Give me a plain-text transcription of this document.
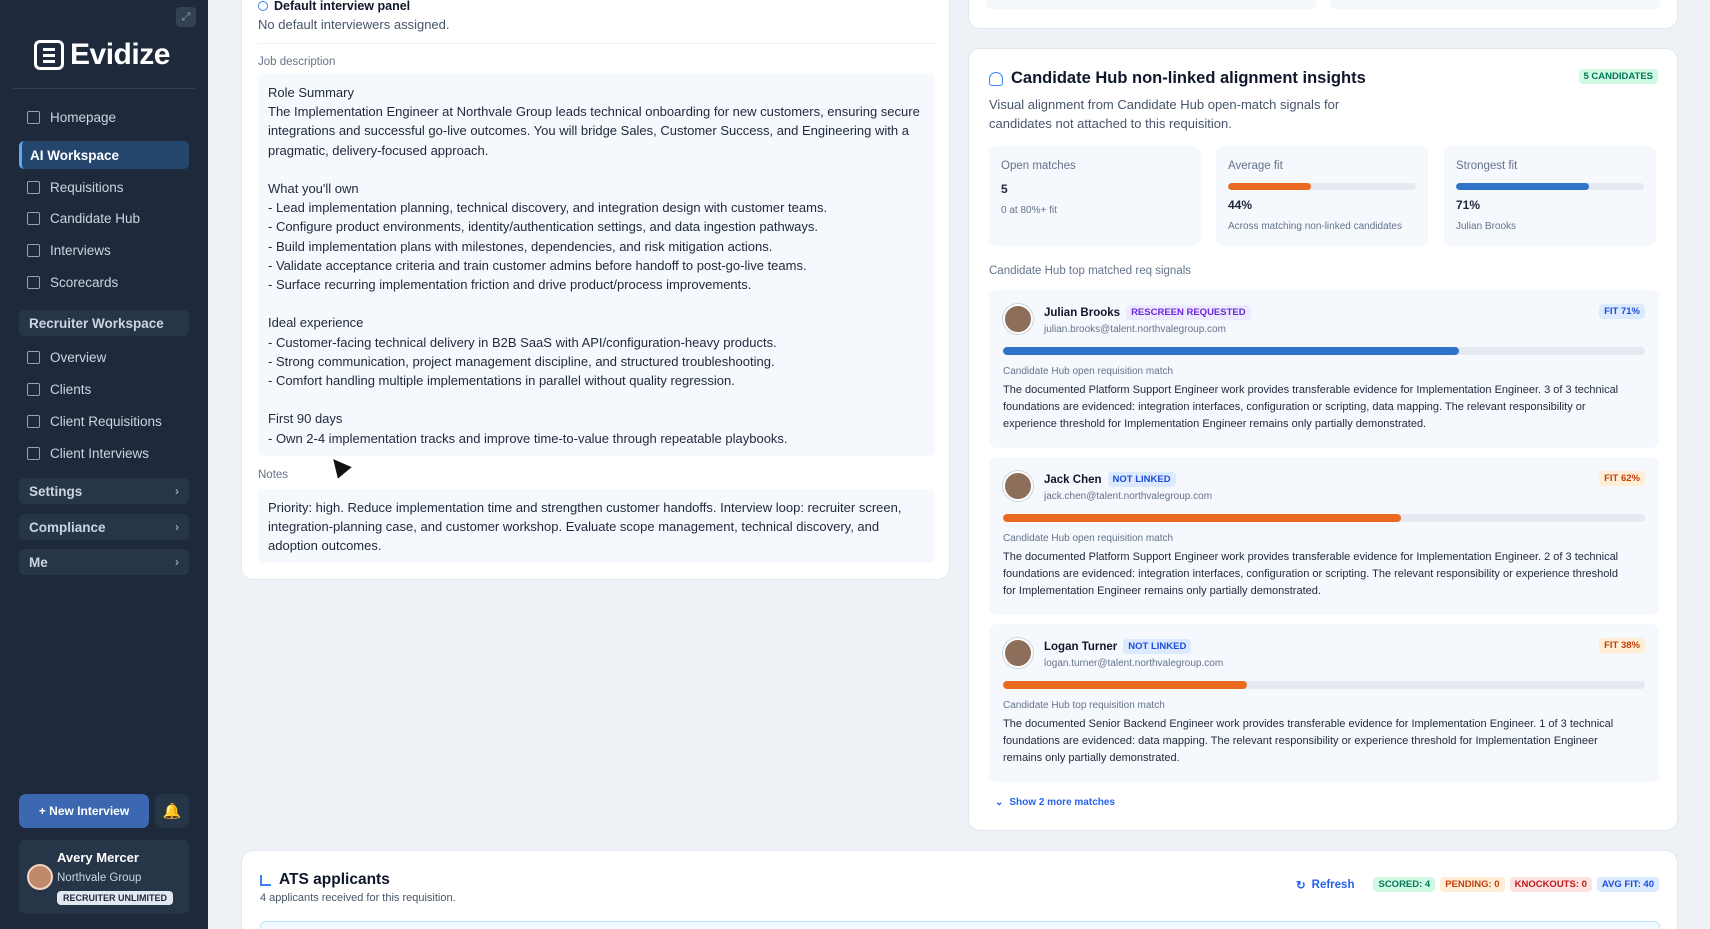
⤢
Evidize
Homepage
AI Workspace
Requisitions
Candidate Hub
Interviews
Scorecards
Recruiter Workspace
Overview
Clients
Client Requisitions
Client Interviews
Settings	›
Compliance	›
Me	›
+ New Interview	🔔
Avery Mercer
Northvale Group
RECRUITER UNLIMITED
Default interview panel
No default interviewers assigned.
Job description
Role Summary
The Implementation Engineer at Northvale Group leads technical onboarding for new customers, ensuring secure integrations and successful go-live outcomes. You will bridge Sales, Customer Success, and Engineering with a pragmatic, delivery-focused approach.

What you'll own
- Lead implementation planning, technical discovery, and integration design with customer teams.
- Configure product environments, identity/authentication settings, and data ingestion pathways.
- Build implementation plans with milestones, dependencies, and risk mitigation actions.
- Validate acceptance criteria and train customer admins before handoff to post-go-live teams.
- Surface recurring implementation friction and drive product/process improvements.

Ideal experience
- Customer-facing technical delivery in B2B SaaS with API/configuration-heavy products.
- Strong communication, project management discipline, and structured troubleshooting.
- Comfort handling multiple implementations in parallel without quality regression.

First 90 days
- Own 2-4 implementation tracks and improve time-to-value through repeatable playbooks.
Notes
Priority: high. Reduce implementation time and strengthen customer handoffs. Interview loop: recruiter screen, integration-planning case, and customer workshop. Evaluate scope management, technical discovery, and adoption outcomes.
Candidate Hub non-linked alignment insights	5 CANDIDATES
Visual alignment from Candidate Hub open-match signals for candidates not attached to this requisition.
Open matches
5
0 at 80%+ fit
Average fit
44%
Across matching non-linked candidates
Strongest fit
71%
Julian Brooks
Candidate Hub top matched req signals
Julian Brooks	RESCREEN REQUESTED
julian.brooks@talent.northvalegroup.com
FIT 71%
Candidate Hub open requisition match
The documented Platform Support Engineer work provides transferable evidence for Implementation Engineer. 3 of 3 technical foundations are evidenced: integration interfaces, configuration or scripting, data mapping. The relevant responsibility or experience threshold for Implementation Engineer remains only partially demonstrated.
Jack Chen	NOT LINKED
jack.chen@talent.northvalegroup.com
FIT 62%
Candidate Hub open requisition match
The documented Platform Support Engineer work provides transferable evidence for Implementation Engineer. 2 of 3 technical foundations are evidenced: integration interfaces, configuration or scripting. The relevant responsibility or experience threshold for Implementation Engineer remains only partially demonstrated.
Logan Turner	NOT LINKED
logan.turner@talent.northvalegroup.com
FIT 38%
Candidate Hub top requisition match
The documented Senior Backend Engineer work provides transferable evidence for Implementation Engineer. 1 of 3 technical foundations are evidenced: data mapping. The relevant responsibility or experience threshold for Implementation Engineer remains only partially demonstrated.
⌄ Show 2 more matches
ATS applicants
4 applicants received for this requisition.
↻ Refresh	SCORED: 4	PENDING: 0	KNOCKOUTS: 0	AVG FIT: 40
